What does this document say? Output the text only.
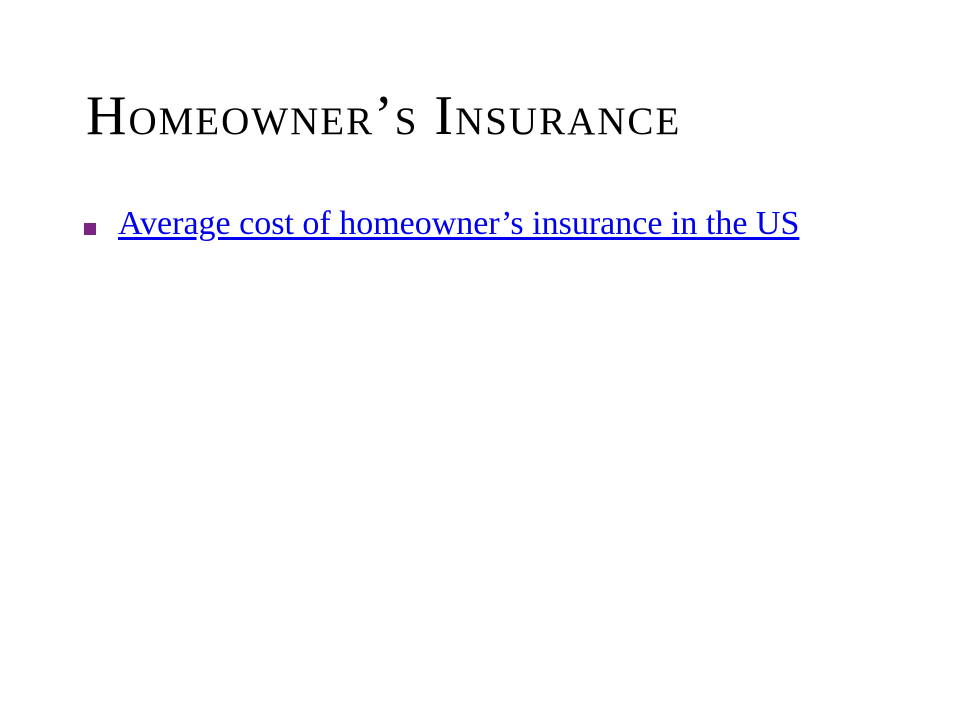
Homeowner’s Insurance
Average cost of homeowner’s insurance in the US
